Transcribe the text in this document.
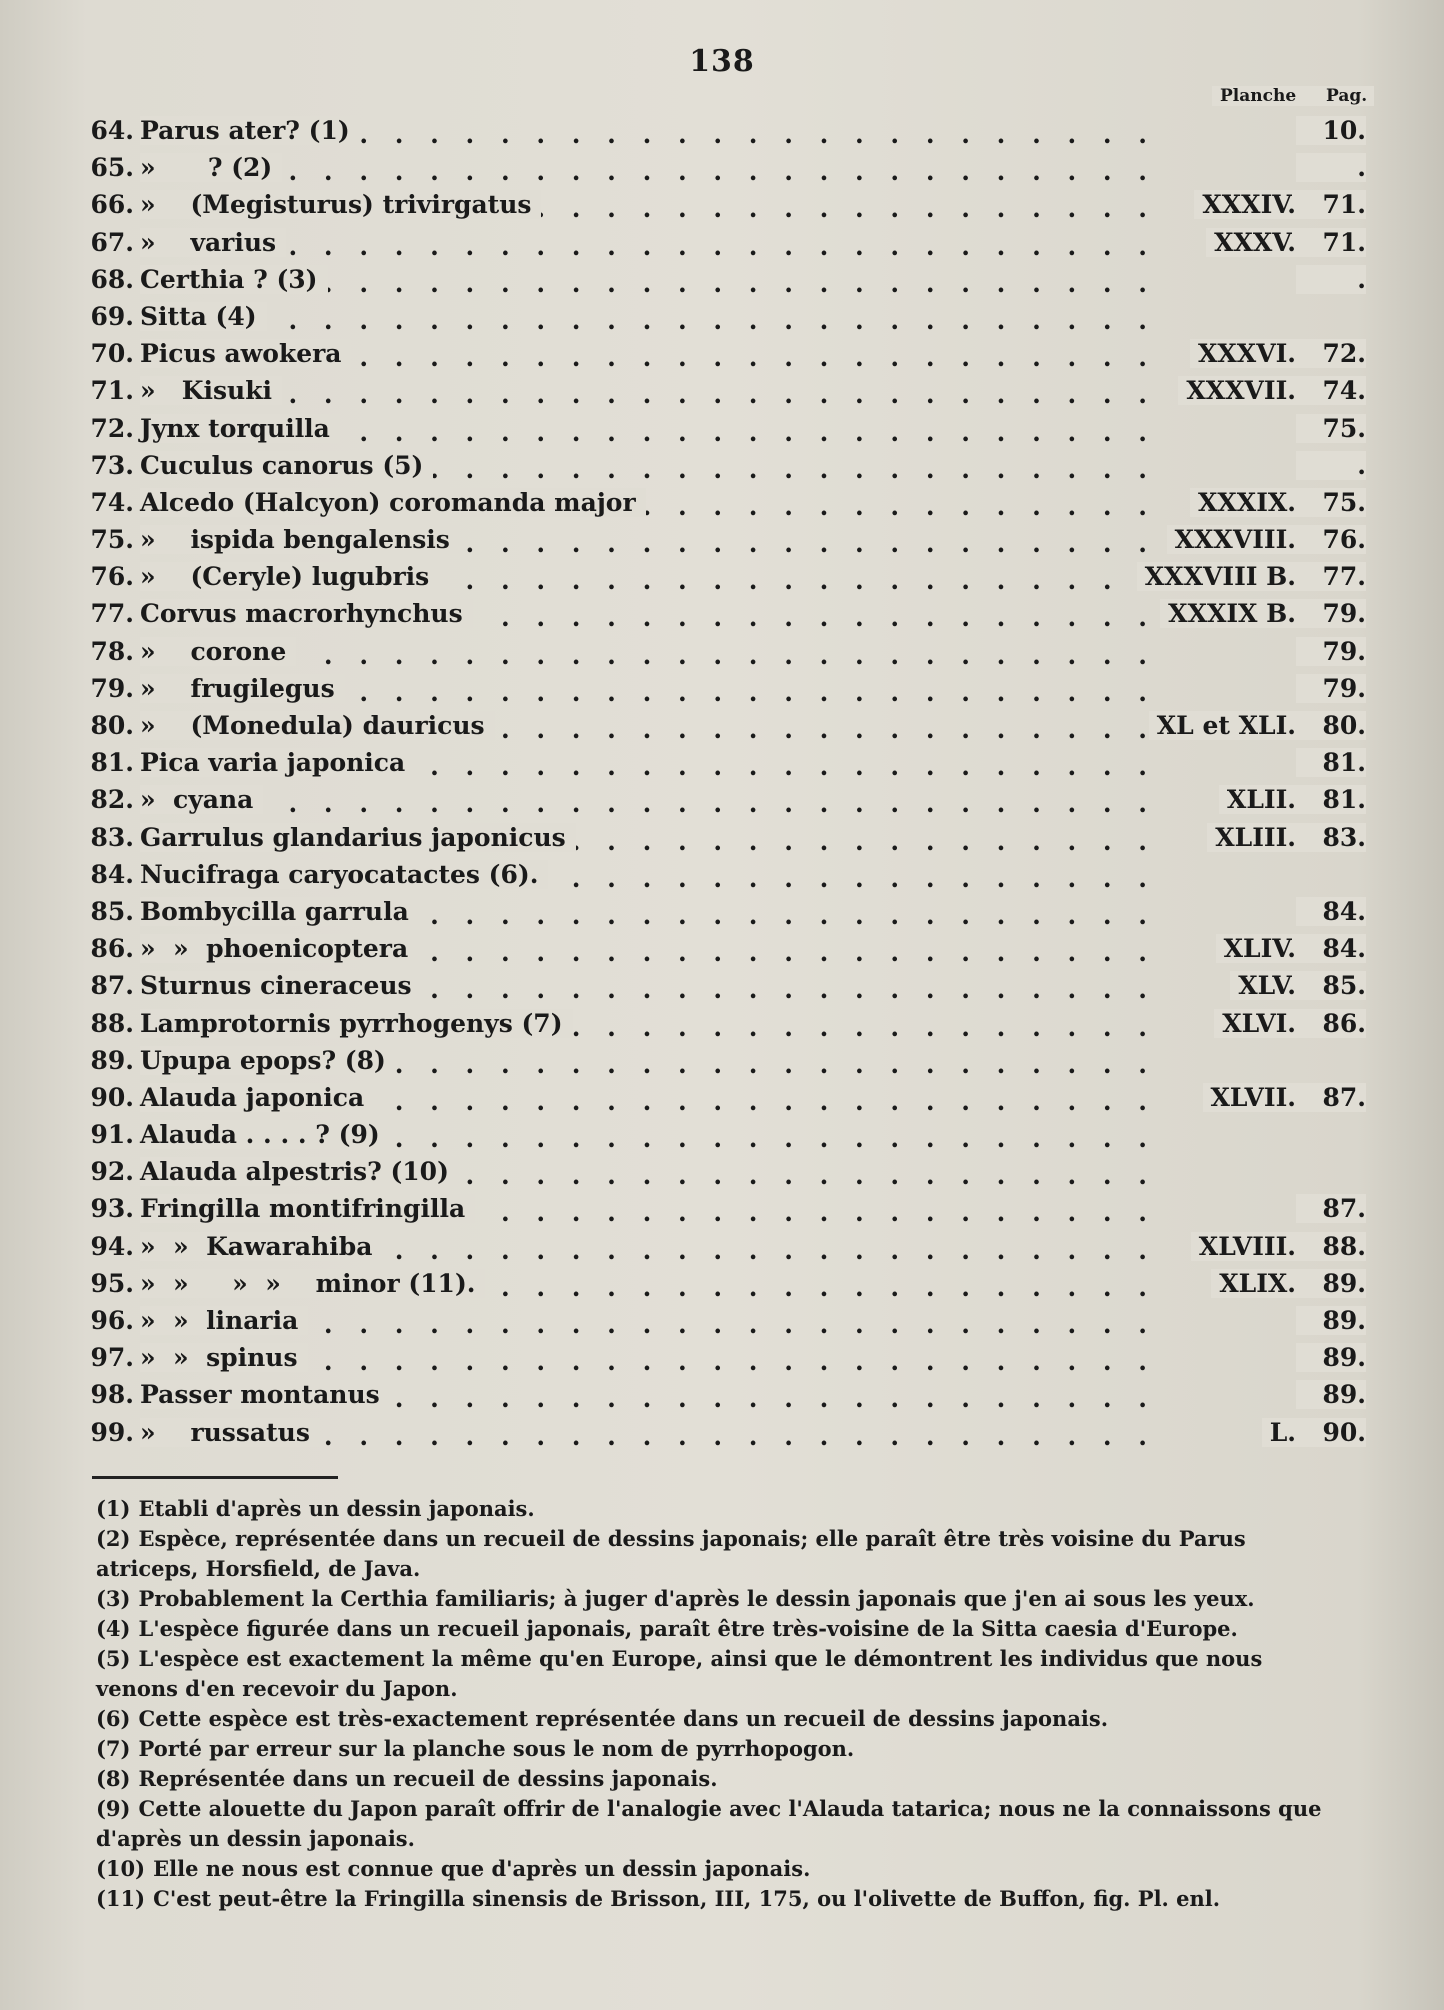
138
Planche	Pag.
. . .
64. Parus ater? (1)	10.
. . .
65. »      ? (2)	.
. . .
66. »    (Megisturus) trivirgatus	XXXIV.	71.
. . .
67. »    varius	XXXV.	71.
. . .
68. Certhia ? (3)	.
. . .
69. Sitta (4)
. . .
70. Picus awokera	XXXVI.	72.
. . .
71. »   Kisuki	XXXVII.	74.
. . .
72. Jynx torquilla	75.
. . .
73. Cuculus canorus (5)	.
. . .
74. Alcedo (Halcyon) coromanda major	XXXIX.	75.
. . .
75. »    ispida bengalensis	XXXVIII.	76.
. . .
76. »    (Ceryle) lugubris	XXXVIII B.	77.
. . .
77. Corvus macrorhynchus	XXXIX B.	79.
. . .
78. »    corone	79.
. . .
79. »    frugilegus	79.
. . .
80. »    (Monedula) dauricus	XL et XLI.	80.
. . .
81. Pica varia japonica	81.
. . .
82. »  cyana	XLII.	81.
. . .
83. Garrulus glandarius japonicus	XLIII.	83.
. . .
84. Nucifraga caryocatactes (6).
. . .
85. Bombycilla garrula	84.
. . .
86. »  »  phoenicoptera	XLIV.	84.
. . .
87. Sturnus cineraceus	XLV.	85.
. . .
88. Lamprotornis pyrrhogenys (7)	XLVI.	86.
. . .
89. Upupa epops? (8)
. . .
90. Alauda japonica	XLVII.	87.
. . .
91. Alauda . . . . ? (9)
. . .
92. Alauda alpestris? (10)
. . .
93. Fringilla montifringilla	87.
. . .
94. »  »  Kawarahiba	XLVIII.	88.
. . .
95. »  »     »  »    minor (11).	XLIX.	89.
. . .
96. »  »  linaria	89.
. . .
97. »  »  spinus	89.
. . .
98. Passer montanus	89.
. . .
99. »    russatus	L.	90.

(1) Etabli d'après un dessin japonais.

(2) Espèce, représentée dans un recueil de dessins japonais; elle paraît être très voisine du Parus atriceps, Horsfield, de Java.

(3) Probablement la Certhia familiaris; à juger d'après le dessin japonais que j'en ai sous les yeux.

(4) L'espèce figurée dans un recueil japonais, paraît être très-voisine de la Sitta caesia d'Europe.

(5) L'espèce est exactement la même qu'en Europe, ainsi que le démontrent les individus que nous venons d'en recevoir du Japon.

(6) Cette espèce est très-exactement représentée dans un recueil de dessins japonais.

(7) Porté par erreur sur la planche sous le nom de pyrrhopogon.

(8) Représentée dans un recueil de dessins japonais.

(9) Cette alouette du Japon paraît offrir de l'analogie avec l'Alauda tatarica; nous ne la connaissons que d'après un dessin japonais.

(10) Elle ne nous est connue que d'après un dessin japonais.

(11) C'est peut-être la Fringilla sinensis de Brisson, III, 175, ou l'olivette de Buffon, fig. Pl. enl.
